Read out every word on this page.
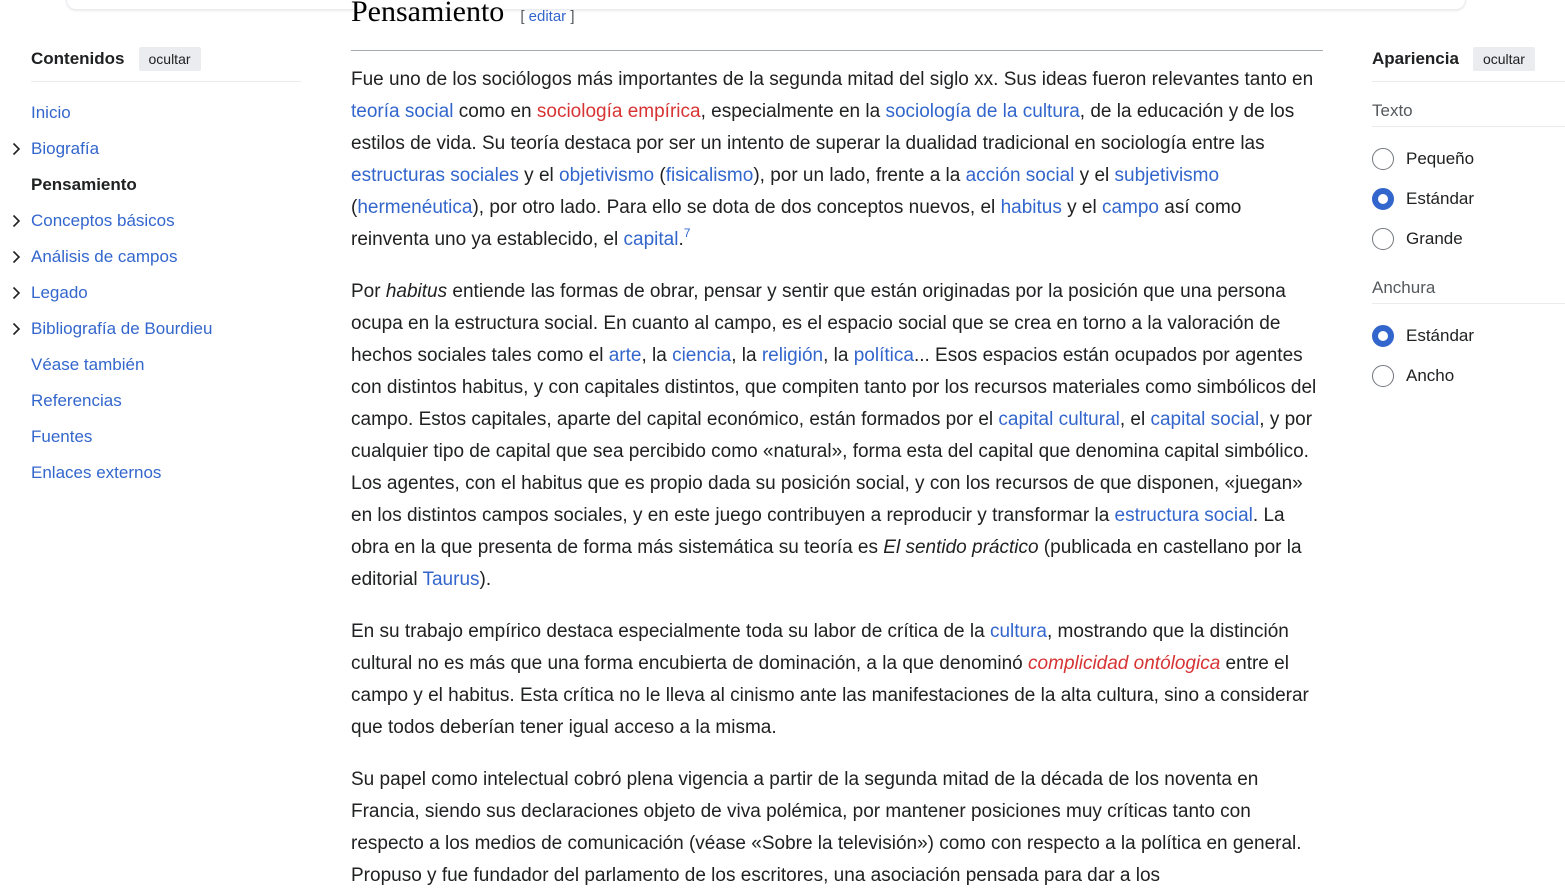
Contenidos	ocultar
Inicio
Biografía
Pensamiento
Conceptos básicos
Análisis de campos
Legado
Bibliografía de Bourdieu
Véase también
Referencias
Fuentes
Enlaces externos
Pensamiento [ editar ]

Fue uno de los sociólogos más importantes de la segunda mitad del siglo xx. Sus ideas fueron relevantes tanto en teoría social como en sociología empírica, especialmente en la sociología de la cultura, de la educación y de los estilos de vida. Su teoría destaca por ser un intento de superar la dualidad tradicional en sociología entre las estructuras sociales y el objetivismo (fisicalismo), por un lado, frente a la acción social y el subjetivismo (hermenéutica), por otro lado. Para ello se dota de dos conceptos nuevos, el habitus y el campo así como reinventa uno ya establecido, el capital.$^7$

Por habitus entiende las formas de obrar, pensar y sentir que están originadas por la posición que una persona ocupa en la estructura social. En cuanto al campo, es el espacio social que se crea en torno a la valoración de hechos sociales tales como el arte, la ciencia, la religión, la política... Esos espacios están ocupados por agentes con distintos habitus, y con capitales distintos, que compiten tanto por los recursos materiales como simbólicos del campo. Estos capitales, aparte del capital económico, están formados por el capital cultural, el capital social, y por cualquier tipo de capital que sea percibido como «natural», forma esta del capital que denomina capital simbólico. Los agentes, con el habitus que es propio dada su posición social, y con los recursos de que disponen, «juegan» en los distintos campos sociales, y en este juego contribuyen a reproducir y transformar la estructura social. La obra en la que presenta de forma más sistemática su teoría es El sentido práctico (publicada en castellano por la editorial Taurus).

En su trabajo empírico destaca especialmente toda su labor de crítica de la cultura, mostrando que la distinción cultural no es más que una forma encubierta de dominación, a la que denominó complicidad ontólogica entre el campo y el habitus. Esta crítica no le lleva al cinismo ante las manifestaciones de la alta cultura, sino a considerar que todos deberían tener igual acceso a la misma.

Su papel como intelectual cobró plena vigencia a partir de la segunda mitad de la década de los noventa en Francia, siendo sus declaraciones objeto de viva polémica, por mantener posiciones muy críticas tanto con respecto a los medios de comunicación (véase «Sobre la televisión») como con respecto a la política en general. Propuso y fue fundador del parlamento de los escritores, una asociación pensada para dar a los

Apariencia	ocultar
Texto
Pequeño
Estándar
Grande
Anchura
Estándar
Ancho
